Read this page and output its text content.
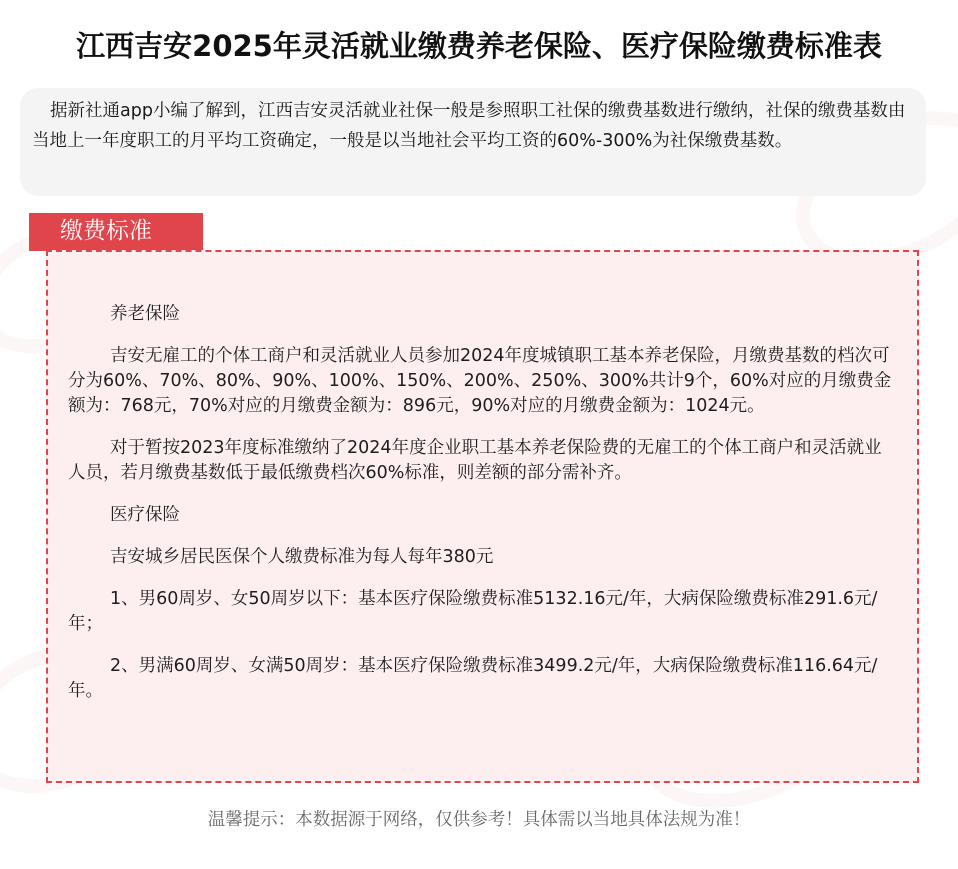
江西吉安2025年灵活就业缴费养老保险、医疗保险缴费标准表

据新社通app小编了解到，江西吉安灵活就业社保一般是参照职工社保的缴费基数进行缴纳，社保的缴费基数由当地上一年度职工的月平均工资确定，一般是以当地社会平均工资的60%-300%为社保缴费基数。

缴费标准

养老保险

吉安无雇工的个体工商户和灵活就业人员参加2024年度城镇职工基本养老保险，月缴费基数的档次可分为60%、70%、80%、90%、100%、150%、200%、250%、300%共计9个，60%对应的月缴费金额为：768元，70%对应的月缴费金额为：896元，90%对应的月缴费金额为：1024元。

对于暂按2023年度标准缴纳了2024年度企业职工基本养老保险费的无雇工的个体工商户和灵活就业人员，若月缴费基数低于最低缴费档次60%标准，则差额的部分需补齐。

医疗保险

吉安城乡居民医保个人缴费标准为每人每年380元

1、男60周岁、女50周岁以下：基本医疗保险缴费标准5132.16元/年，大病保险缴费标准291.6元/年；

2、男满60周岁、女满50周岁：基本医疗保险缴费标准3499.2元/年，大病保险缴费标准116.64元/年。

温馨提示：本数据源于网络，仅供参考！具体需以当地具体法规为准！
